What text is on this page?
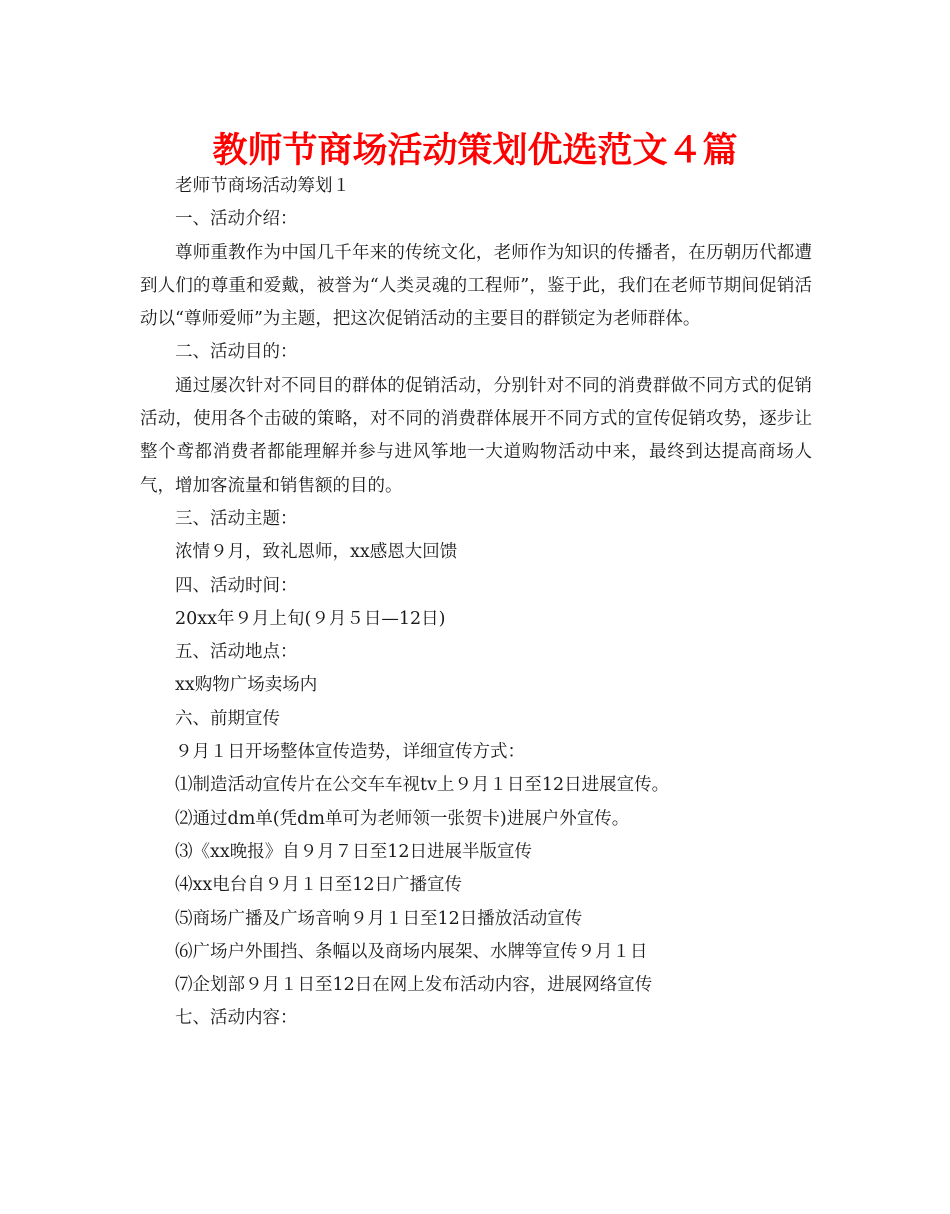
教师节商场活动策划优选范文４篇

老师节商场活动筹划１

一、活动介绍：

尊师重教作为中国几千年来的传统文化，老师作为知识的传播者，在历朝历代都遭到人们的尊重和爱戴，被誉为“人类灵魂的工程师”，鉴于此，我们在老师节期间促销活动以“尊师爱师”为主题，把这次促销活动的主要目的群锁定为老师群体。

二、活动目的：

通过屡次针对不同目的群体的促销活动，分别针对不同的消费群做不同方式的促销活动，使用各个击破的策略，对不同的消费群体展开不同方式的宣传促销攻势，逐步让整个鸢都消费者都能理解并参与进风筝地一大道购物活动中来，最终到达提高商场人气，增加客流量和销售额的目的。

三、活动主题：

浓情９月，致礼恩师，xx感恩大回馈

四、活动时间：

20xx年９月上旬(９月５日—12日)

五、活动地点：

xx购物广场卖场内

六、前期宣传

９月１日开场整体宣传造势，详细宣传方式：

⑴制造活动宣传片在公交车车视tv上９月１日至12日进展宣传。

⑵通过dm单(凭dm单可为老师领一张贺卡)进展户外宣传。

⑶《xx晚报》自９月７日至12日进展半版宣传

⑷xx电台自９月１日至12日广播宣传

⑸商场广播及广场音响９月１日至12日播放活动宣传

⑹广场户外围挡、条幅以及商场内展架、水牌等宣传９月１日

⑺企划部９月１日至12日在网上发布活动内容，进展网络宣传

七、活动内容：
